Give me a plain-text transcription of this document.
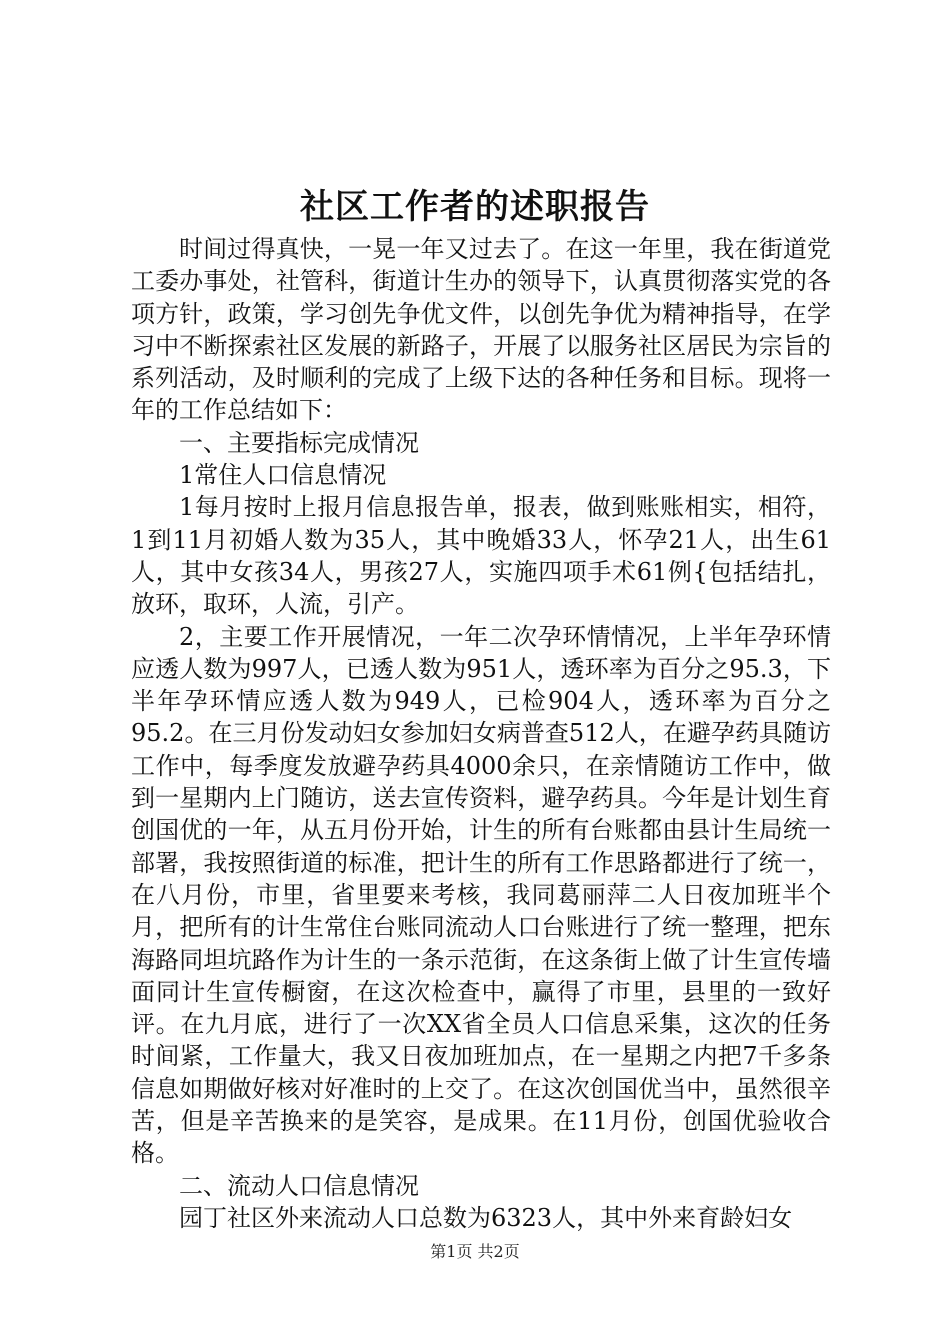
社区工作者的述职报告

时间过得真快，一晃一年又过去了。在这一年里，我在街道党工委办事处，社管科，街道计生办的领导下，认真贯彻落实党的各项方针，政策，学习创先争优文件，以创先争优为精神指导，在学习中不断探索社区发展的新路子，开展了以服务社区居民为宗旨的系列活动，及时顺利的完成了上级下达的各种任务和目标。现将一年的工作总结如下：

一、主要指标完成情况

1常住人口信息情况

1每月按时上报月信息报告单，报表，做到账账相实，相符，1到11月初婚人数为35人，其中晚婚33人，怀孕21人，出生61人，其中女孩34人，男孩27人，实施四项手术61例{包括结扎，放环，取环，人流，引产。

2，主要工作开展情况，一年二次孕环情情况，上半年孕环情应透人数为997人，已透人数为951人，透环率为百分之95.3，下半年孕环情应透人数为949人，已检904人，透环率为百分之95.2。在三月份发动妇女参加妇女病普查512人，在避孕药具随访工作中，每季度发放避孕药具4000余只，在亲情随访工作中，做到一星期内上门随访，送去宣传资料，避孕药具。今年是计划生育创国优的一年，从五月份开始，计生的所有台账都由县计生局统一部署，我按照街道的标准，把计生的所有工作思路都进行了统一，在八月份，市里，省里要来考核，我同葛丽萍二人日夜加班半个月，把所有的计生常住台账同流动人口台账进行了统一整理，把东海路同坦坑路作为计生的一条示范街，在这条街上做了计生宣传墙面同计生宣传橱窗，在这次检查中，赢得了市里，县里的一致好评。在九月底，进行了一次XX省全员人口信息采集，这次的任务时间紧，工作量大，我又日夜加班加点，在一星期之内把7千多条信息如期做好核对好准时的上交了。在这次创国优当中，虽然很辛苦，但是辛苦换来的是笑容，是成果。在11月份，创国优验收合格。

二、流动人口信息情况

园丁社区外来流动人口总数为6323人，其中外来育龄妇女

第1页 共2页
